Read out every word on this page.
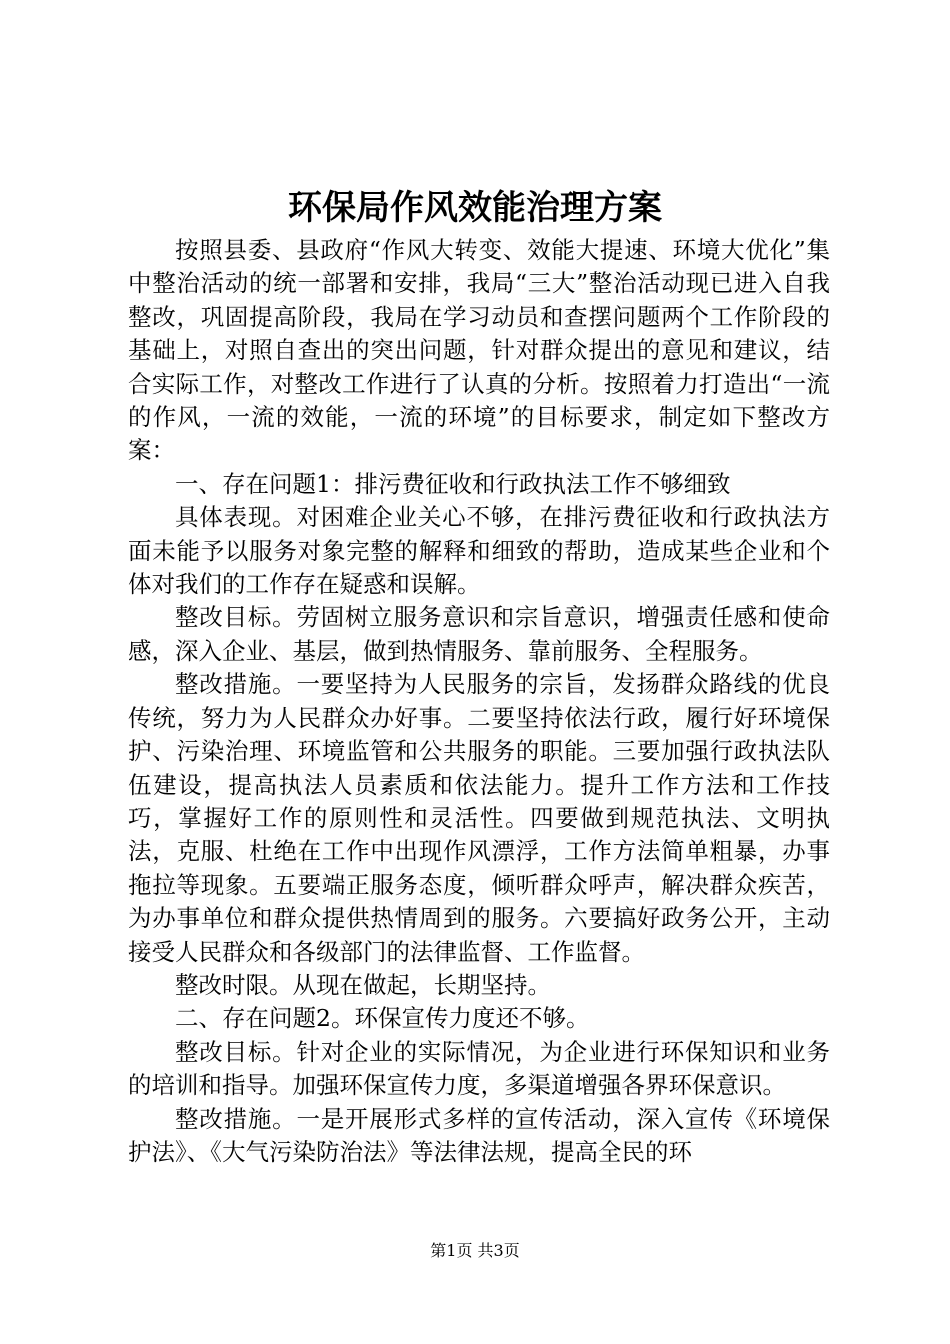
环保局作风效能治理方案

按照县委、县政府“作风大转变、效能大提速、环境大优化”集中整治活动的统一部署和安排，我局“三大”整治活动现已进入自我整改，巩固提高阶段，我局在学习动员和查摆问题两个工作阶段的基础上，对照自查出的突出问题，针对群众提出的意见和建议，结合实际工作，对整改工作进行了认真的分析。按照着力打造出“一流的作风，一流的效能，一流的环境”的目标要求，制定如下整改方案：

一、存在问题1：排污费征收和行政执法工作不够细致

具体表现。对困难企业关心不够，在排污费征收和行政执法方面未能予以服务对象完整的解释和细致的帮助，造成某些企业和个体对我们的工作存在疑惑和误解。

整改目标。劳固树立服务意识和宗旨意识，增强责任感和使命感，深入企业、基层，做到热情服务、靠前服务、全程服务。

整改措施。一要坚持为人民服务的宗旨，发扬群众路线的优良传统，努力为人民群众办好事。二要坚持依法行政，履行好环境保护、污染治理、环境监管和公共服务的职能。三要加强行政执法队伍建设，提高执法人员素质和依法能力。提升工作方法和工作技巧，掌握好工作的原则性和灵活性。四要做到规范执法、文明执法，克服、杜绝在工作中出现作风漂浮，工作方法简单粗暴，办事拖拉等现象。五要端正服务态度，倾听群众呼声，解决群众疾苦，为办事单位和群众提供热情周到的服务。六要搞好政务公开，主动接受人民群众和各级部门的法律监督、工作监督。

整改时限。从现在做起，长期坚持。

二、存在问题2。环保宣传力度还不够。

整改目标。针对企业的实际情况，为企业进行环保知识和业务的培训和指导。加强环保宣传力度，多渠道增强各界环保意识。

整改措施。一是开展形式多样的宣传活动，深入宣传《环境保护法》、《大气污染防治法》等法律法规，提高全民的环

第1页 共3页
